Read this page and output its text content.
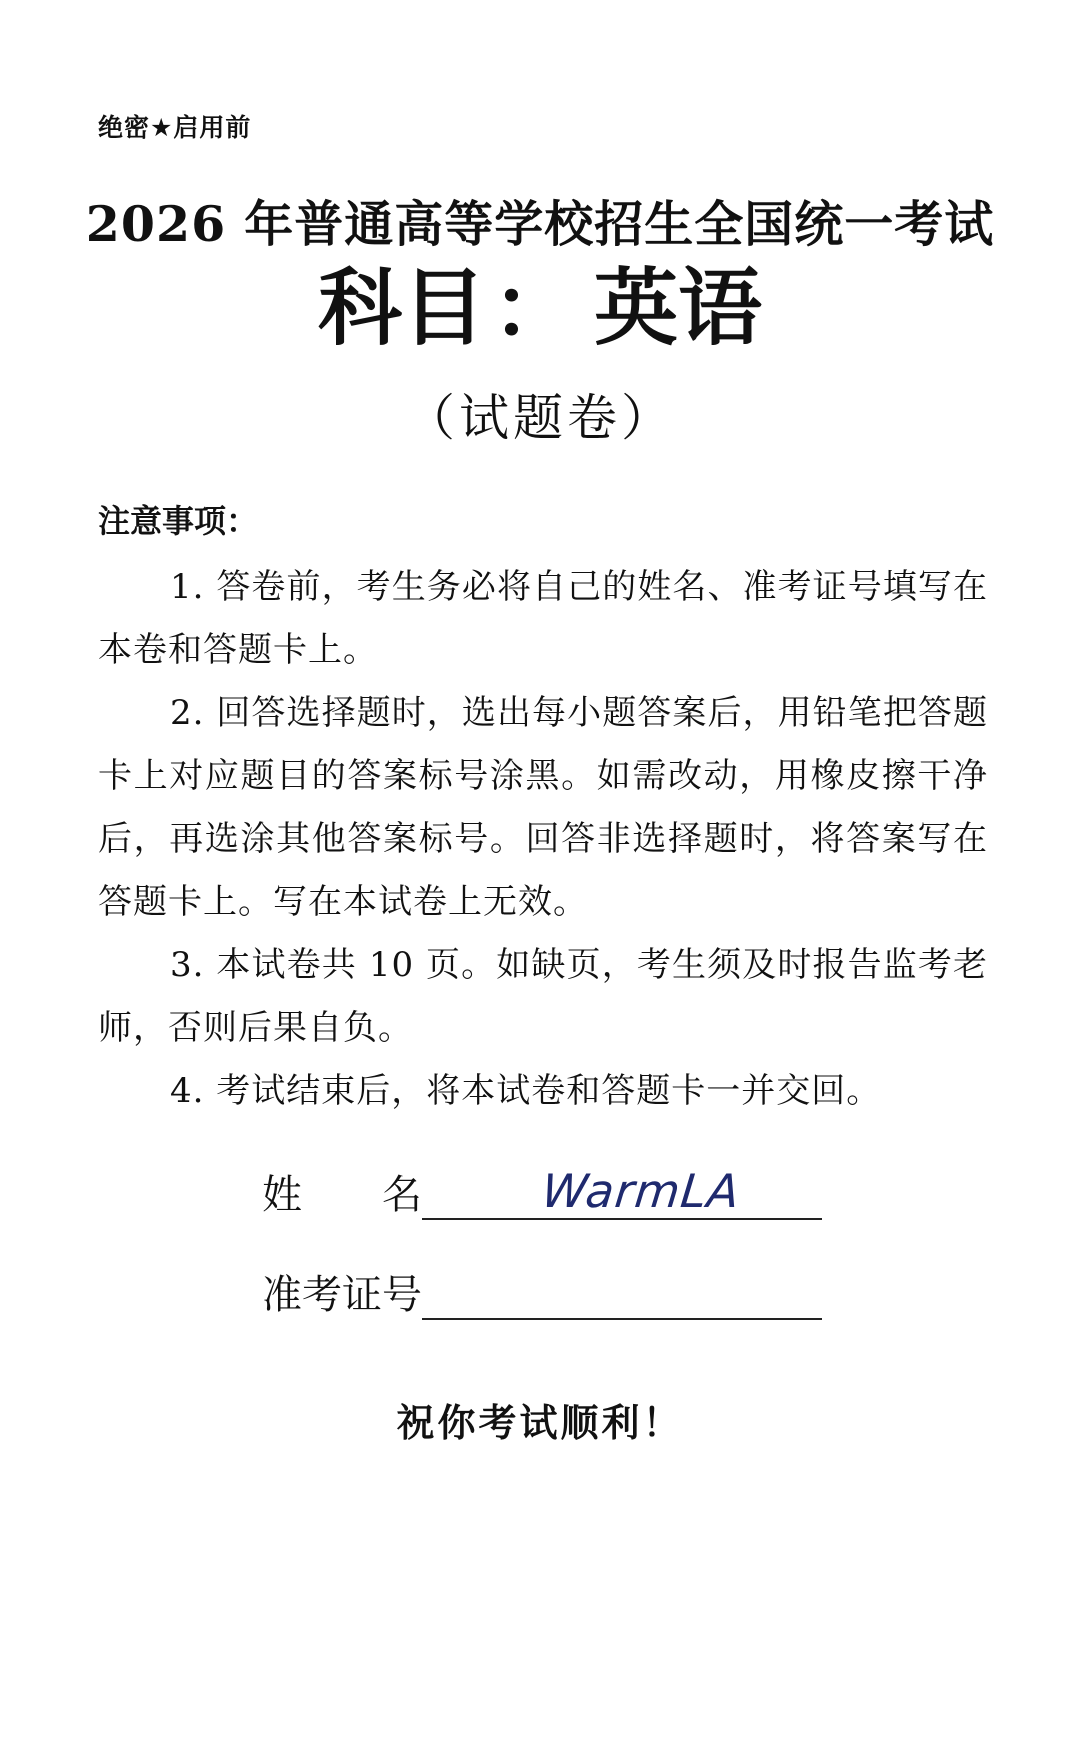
绝密★启用前
2026 年普通高等学校招生全国统一考试
科目： 英语
（试题卷）
注意事项：
1. 答卷前，考生务必将自己的姓名、准考证号填写在本卷和答题卡上。
2. 回答选择题时，选出每小题答案后，用铅笔把答题卡上对应题目的答案标号涂黑。如需改动，用橡皮擦干净后，再选涂其他答案标号。回答非选择题时，将答案写在答题卡上。写在本试卷上无效。
3. 本试卷共 10 页。如缺页，考生须及时报告监考老师，否则后果自负。
4. 考试结束后，将本试卷和答题卡一并交回。
姓 名	WarmLA
准考证号
祝你考试顺利！
